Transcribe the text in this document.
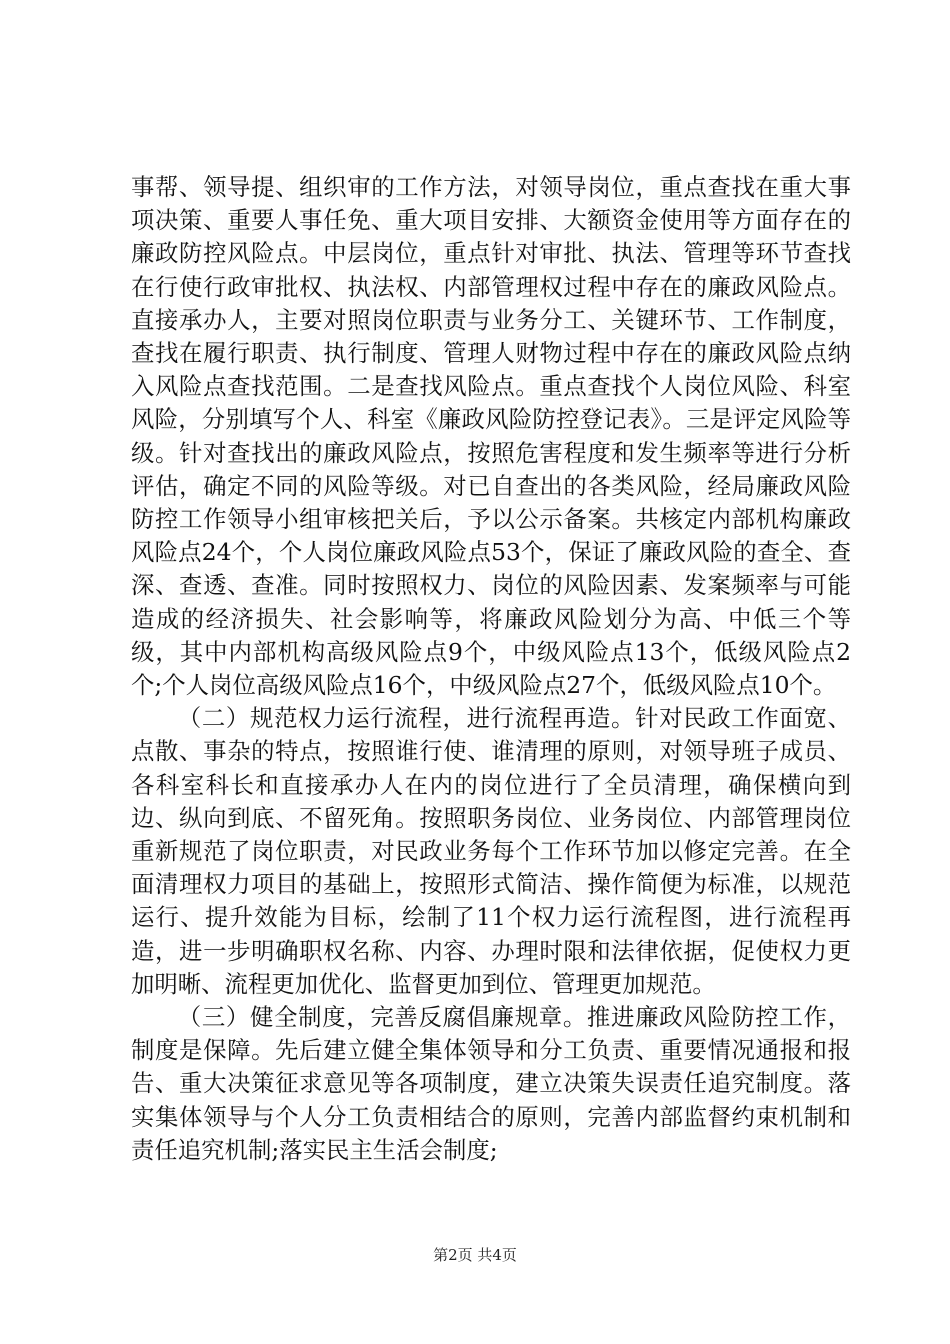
事帮、领导提、组织审的工作方法，对领导岗位，重点查找在重大事项决策、重要人事任免、重大项目安排、大额资金使用等方面存在的廉政防控风险点。中层岗位，重点针对审批、执法、管理等环节查找在行使行政审批权、执法权、内部管理权过程中存在的廉政风险点。直接承办人，主要对照岗位职责与业务分工、关键环节、工作制度，查找在履行职责、执行制度、管理人财物过程中存在的廉政风险点纳入风险点查找范围。二是查找风险点。重点查找个人岗位风险、科室风险，分别填写个人、科室《廉政风险防控登记表》。三是评定风险等级。针对查找出的廉政风险点，按照危害程度和发生频率等进行分析评估，确定不同的风险等级。对已自查出的各类风险，经局廉政风险防控工作领导小组审核把关后，予以公示备案。共核定内部机构廉政风险点24个，个人岗位廉政风险点53个，保证了廉政风险的查全、查深、查透、查准。同时按照权力、岗位的风险因素、发案频率与可能造成的经济损失、社会影响等，将廉政风险划分为高、中低三个等级，其中内部机构高级风险点9个，中级风险点13个，低级风险点2个;个人岗位高级风险点16个，中级风险点27个，低级风险点10个。

（二）规范权力运行流程，进行流程再造。针对民政工作面宽、点散、事杂的特点，按照谁行使、谁清理的原则，对领导班子成员、各科室科长和直接承办人在内的岗位进行了全员清理，确保横向到边、纵向到底、不留死角。按照职务岗位、业务岗位、内部管理岗位重新规范了岗位职责，对民政业务每个工作环节加以修定完善。在全面清理权力项目的基础上，按照形式简洁、操作简便为标准，以规范运行、提升效能为目标，绘制了11个权力运行流程图，进行流程再造，进一步明确职权名称、内容、办理时限和法律依据，促使权力更加明晰、流程更加优化、监督更加到位、管理更加规范。

（三）健全制度，完善反腐倡廉规章。推进廉政风险防控工作，制度是保障。先后建立健全集体领导和分工负责、重要情况通报和报告、重大决策征求意见等各项制度，建立决策失误责任追究制度。落实集体领导与个人分工负责相结合的原则，完善内部监督约束机制和责任追究机制;落实民主生活会制度;

第2页 共4页
